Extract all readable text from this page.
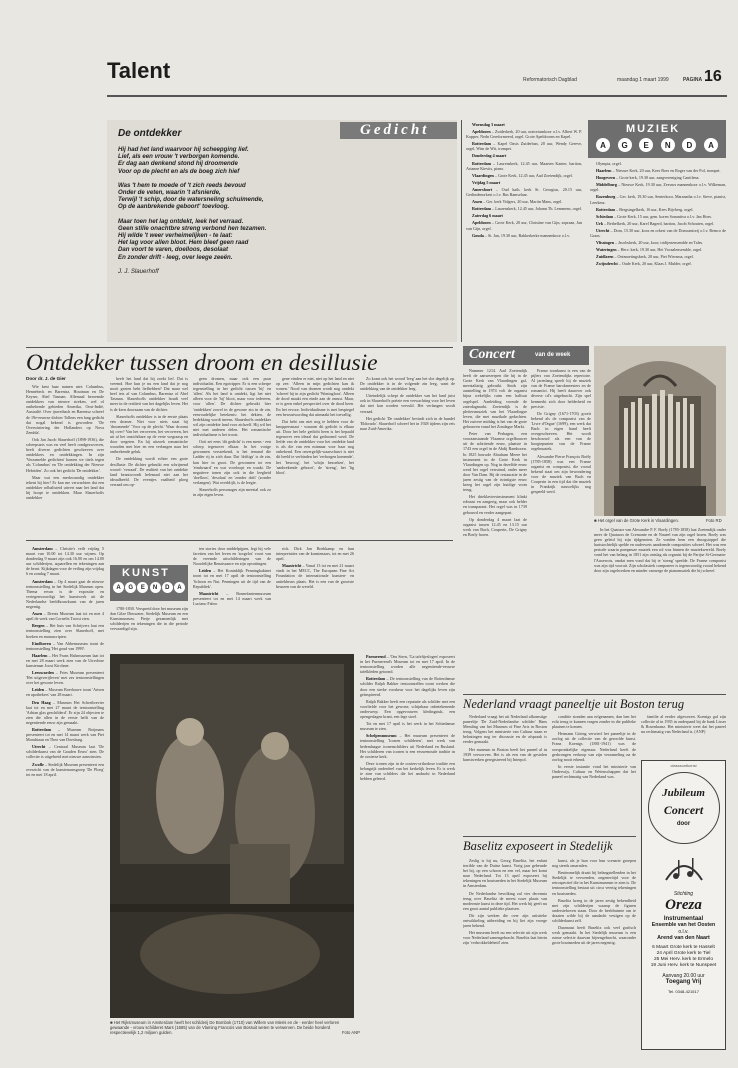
Talent	Reformatorisch Dagblad	maandag 1 maart 1999	PAGINA 16
Gedicht
De ontdekker
Hij had het land waarvoor hij scheepging lief.
Lief, als een vrouw 't verborgen komende.
Er dag aan denkend stond hij droomende
Voor op de plecht en als de boeg zich hief
Was 't hem te moede of 't zich reeds bevoud
Onder de veten, waarin 't afsnierde,
Terwijl 't schip, door de watersneling schuimende,
Op de aanbrekende geboort' toevloog.
Maar toen het lag ontdekt, leek het verraad.
Geen stille onachtbre streng verbond hen tezamen.
Hij wilde 't weer verheimelijken - te laat:
Het lag voor allen bloot. Hem bleef geen raad
Dan voort te varen, doelloos, desolaat
En zonder drift - leeg, over leege zeeën.
J. J. Slauerhoff
MUZIEK
A	G	E	N	D	A

Woensdag 3 maart

Apeldoorn – Zuiderkerk, 20 uur, oratoriumkoor o.l.v. Albert W. P. Kopper, Nedn Gereformeerd, orgel. Grote Apeldoorns en Kapel.

Rotterdam – Kapel Oasis Zuiderban, 20 uur, Wendy Greeve, orgel, Wim de Wit, trompet.

Donderdag 4 maart

Rotterdam – Laurenskerk, 12.45 uur, Maarten Kanter, bariton, Arianne Kievits, piano.

Vlaardingen – Grote Kerk, 12.45 uur, Aad Zoetendijk, orgel.

Vrijdag 5 maart

Amersfoort – Oud kath. kerk St. Georgius, 20.15 uur, Gerlindenorkest o.l.v. Bas Ramselaar.

Assen – Ger. kerk Vidgers, 20 uur, Martin Mans, orgel.

Rotterdam – Laurenskerk, 12.45 uur, Johann Th. Lemmens, orgel.

Zaterdag 6 maart

Apeldoorn – Grote Kerk, 20 uur, Christine van Gijn, sopraan, Jan van Gijn, orgel.

Gouda – St. Jan, 19.30 uur, Bakkerkerke mannenkoor o.l.v.

Olympia, orgel.

Haarlem – Nieuwe Kerk, 20 uur, Kees Boer en Roger van der Pol, trompet.

Hoogeveen – Grote kerk, 19.30 uur, zangvereniging Cantilena.

Middelburg – Nieuwe Kerk, 19.30 uur, Zeeuws mannenkoor o.l.v. Wilkeman, orgel.

Rozenburg – Ger. kerk, 19.30 uur, Senterkoor, Maranatha o.l.v. Steve, pianist, Leerkeur.

Rotterdam – Bergsingelkerk, 16 uur, Kees Bijvberg, orgel.

Schiedam – Grote Kerk, 15 uur, gem. koren Sonantiva o.l.v. Jan Hoes.

Urk – Bethelkerk, 20 uur, Karel Bagerd, bariton, Jacob Schouten, orgel.

Utrecht – Dom, 15.30 uur, koos en orkest van de Domcantorij o.l.v. Remco de Graas.

Vlissingen – Jacobskerk, 20 uur, koor; tridijenensemble en Tales.

Wateringen – Herv. kerk, 19.30 uur, Het Vocaalensemble, orgel.

Zuidlaren – Ontmoetingskerk, 20 uur, Piet Wiersma, orgel.

Zwijndrecht – Oude Kerk, 20 uur, Klaas J. Mulder, orgel.

Ontdekker tussen droom en desillusie	Concert	van de week
■ Het orgel van de Grote Kerk in Vlaardingen.	Foto RD
Door dr. J. de Gier

Wie kent haar namen niet: Columbus, Hennebeck en Barentsz, Houtman en De Keyser, Abel Tasman. Allemaal beroemde ontdekkers van nieuwe streken, wel of ontbekende gebieden Amerika, Oost-Indië, Australië. Over ijseretbach en Barentsz schreef de 19e-eeuwse dichter Tollens een lang gedicht dat nogal bekend is geworden: 'De Overwintering der Hollanders op Nova Zembla'.

Ook Jan Jacob Slauerhoff (1898-1936), die scheepsarts was en veel heeft rondgezworven, heeft diverse gedichten geschreven over ontdekkers en ontdekkingen. In zijn 'Verzamelde gedichten' komen we titels tegen als 'Columbus' en 'De ontdekking der Nieuwe Hebriden'. Zo ook het gedicht 'De ontdekker'.

Maar wat een merkwaardig ontdekker tekent hij hier! Er kan me verwachten dat een ontdekker rolbalisteid uitvert naar het land dat hij hoopt te ontdekken. Maar Slauerhoffs ontdekker

heeft het land dat hij zoekt lief. Dat is vreemd. Hoe kun je nu een land dat je nog nooit gezien hebt liefhebben? Dat maar wel heel iets af van Columbus, Barentsz of Abel Tasman. Slauerhoffs ontdekker houdt veel meer in de realiteit van het dagelijks leven. Het is de kern doorzaam van de dichter.

Slauerhoffs ontdekker is in de eerste plaats een dromer. Niet voor niets staat hij 'droomende' 'Voor op de plecht.' Waar droomt hij over? Van het veroveren, het veroveren, het uit af het onzichtbare op de verte wegraasp en door wegeten. En hij uitzoek romantische woorden met hier en een verlangen naar het ontbrekende geluk.

De ontdekking wordt echter een grote desillusie. De dichter gebruikt een schrijnend woord: 'verraad'. De realiteit van het ontdekte land beantwoordt helemaal niet aan het ideaalbeeld. De eventjes vaalheid ploeg verraad om op-

geen dromen, maar ook een puur individualist. Een egotripper. Er is een scherpe tegenstelling in het gedicht tussen 'hij' en 'allen'. Als het land is ontdekt, ligt het niet alleen voor de 'hij' bloot, maar voor iedereen, voor 'allen'. De dichter gebruikt hier 'ontdekken' zowel in de gewone zin in de zin, eenvoudelijke betekenis: het dekten, de bedekking wordt ineens. Slauerhoffs ontdekker wil zijn ontdekte land voor zichzelf. Hij wil het niet met anderen delen. Het romantische individualisme is het troost.

Ooit zei eens 'dit gedicht' is een mens - een scherp tegenover elkaar. In het vorige gewonnen verstrekend, is het iemand die Ladder rij in zich daar. Dat 'driftigs' is de zin, kan hier in groot. De gewonnen tot een 'eindwaard' en wat voorloopt en waakt. De negatieve tonen zijn ook in die leegheid 'doelloos', 'desolaat' en 'zonder drift' (zonder verlangen). Wat overblijft, is de leegte.

Slauerhoffs personages zijn meestal ook zo in zijn eigen leven.

gene vinden er niet, niet op het land en niet op zee. 'Alleen in mijn gedichten kan ik wonen.' Nood van dromen wordt nog ontdekt 'schreef hij in zijn gedicht 'Woningloos'. Alleen de dood maakt een einde aan de onrust. Maar, er is geen enkel perspectief over de dood heen. En het ervoor. Individualisme is met bespiegel een bewustwording dat uitmaakt het toevallig.

Dat hebt ons niet nog te hebben voor de knoppersmaat - waarom dit gedicht is elkaar uit. Door het hele gedicht heen is het bepaald tegenover een ideaal dat gedroomd werd. De liefde van de ontdekker voor het ontdekte land is als die van een minnaar voor haar nog onbekend. Een onvergelijk-waarschuwt is niet dit beeld te verbinden het 'verborgen komende', het 'bewoog', het 'schijn bezoeken', het 'aanbrekende geboort', de 'streng', het 'lig bloot'.

Zo komt ook het woord 'leeg' aan het slot degelijk op. De ontdekker is in de volgende zin leeg, want de ontdekking van de ontdekker leeg.

Uiteindelijk schept de ontdekker van het land juist ook in Slauerhoffs poëzie een verwachting voor het leven dat niet kan worden vervuld. Het verlangen wordt verraad.

Het gedicht 'De ontdekker' bevindt zich in de bundel 'Eldorado'. Slauerhoff schreef het in 1928 tijdens zijn reis naar Zuid-Amerika.

Nummer 1214. Aad Zoetendijk heeft de aanwezerpen die hij in de Grote Kerk van Vlaardingen gaf, meestaltatig gebruikt. Sinds zijn aanstelling in 1974 volt de organist bijna wekelijks ruim een halfuur orgelspel. Aanleiding vormde de zaterdagmarkt. Zoetendijk is de pleitersmuziek van het Vlaardingse leven, die met muzikale gedachten. Het zuivere middag is het van de grote gebouwen vanaf het Zondagse Markt.

Peter van Perhagen, een vooraanstaande Vlaamse orgelbouwer uit de achttiende eeuw, plaatste in 1743 een orgel in de Abdij Barnhoorn. In 1825 bouwde Abraham Meere het instrument in de Grote Kerk in Vlaardingen op. Nog in dezelfde eeuw werd het orgel verruimd, onder meer door Van Dam. Bij de restauratie in de jaren zestig van de twintigste eeuw kreeg het orgel zijn huidige vorm terug.

Het drieklaviersinstrument klinkt robuust en zangerig, maar ook helder en transparant. Het orgel was in 1739 gebouwd en verder aangepast.

Op donderdag 4 maart laat de organist tussen 12.45 en 13.15 uur werk van Bach, Couperin, De Grigny en Boely horen.

Franse toonkunst is een van de pijlers van Zoetendijks repertoire. Al jarenlang speelt hij de muziek van de Franse barokmeesters en de romantici. Hij heeft daarover ook diverse cd's uitgebracht. Zijn spel kenmerkt zich door helderheid en precisie.

De Grigny (1671-1703) groeit bekend als de componist van de 'Livre d'Orgue' (1699), een werk dat Bach in eigen hand heeft overgeschreven. Het wordt beschouwd als een van de hoogtepunten van de Franse orgelmuziek.

Alexandre Pierre François Boëly (1785-1858) was een Franse organist en componist, die vooral bekend staat om zijn bewondering voor de muziek van Bach en Couperin in een tijd dat die muziek in Frankrijk nauwelijks nog gespeeld werd.

In het Quatuor van Alexandre P. F. Boely (1785-1858) laat Zoetendijk onder meer de Quatuors de Cremonte en de Naueel van zijn orgel horen. Boely was geen geleid bij zijn tijdgenoten. Ze vonden hem een droogstoppel die hartstochtelijk spelde en ouderwets aandoende composities schreef. Het was een periode waarin pompeuze muziek een rol was binnen de muziekwereld. Boely vond het van belang in 1851 zijn ontslag als organist bij de Parijse St-Germain-l'Auxerrois, omdat men vond dat hij te 'streng' speelde. De Franse componist was zijn tijd vooruit. Zijn scholastiek componeer is tegenwoordig vooral bekend door zijn orgelwerken en minder vanwege de pianomuziek die hij schreef.

KUNST
A	G	E	N	D	A

Amsterdam – Christie's veilt vrijdag 5 maart van 10.00 tot 14.30 uur wijnen. Op donderdag 9 maart zijn ook 16.00 en om 14.00 uur schilderijen, aquarellen en tekeningen aan de beurt. Kijkdagen voor de veiling zijn vrijdag 6 en zondag 7 maart.

Amsterdam – Op 4 maart gaat de nieuwe tentoonstelling in het Stedelijk Museum open. Thema ervan is de expositie en vertegenwoordigt het kunstwerk uit de Nederlandse beeldhouwkunst van de jaren negentig.

Assen – Drents Museum laat tot en met 4 april de werk van Cornelis Troost zien.

Bergen – Het huis van Schrijvers laat een tentoonstelling zien over Slauerhoff, met boeken en manuscripten.

Eindhoven – Van Abbemuseum toont de tentoonstelling 'Het goud van 1999'.

Haarlem – Het Frans Halsmuseum laat tot en met 28 maart werk zien van de Utrechtse kunstenaar Joost Kirchner.

Leeuwarden – Fries Museum presenteert 'Het uitgeverijleven' met zes tentoonstellingen over het gewone leven.

Leiden – Museum Boerhaave toont 'Artsen en apothekers' van 28 maart.

Den Haag – Museum Het Schreibrevier laat tot en met 27 maart de tentoonstelling 'Adrian glas geschilderd'. Er zijn 24 objecten te zien die allen in de eerste helft van de negentiende eeuw zijn gemaakt.

Rotterdam – Museum Boijmans presenteert tot en met 14 maart werk van Piet Mondriaan en Theo van Doesburg.

Utrecht – Centraal Museum laat 'De schilderkunst van de Gouden Eeuw' zien. De collectie is uitgebreid met nieuwe aanwinsten.

Zwolle – Stedelijk Museum presenteert een overzicht van de kunstenaarsgroep 'De Ploeg' tot en met 18 april.

1780-1830. Verspreid door het museum zijn dan Gilze Dimwater, Stedelijk Museum en een Kunstmuseum. Pietje gezamenlijk met schilderijen en tekeningen die in die periode vervaardigd zijn.

ten stories door middelpijpen, legt hij vele facetten van het leven en 'zorgelos' voort van de vreemde uitschilderingen van de Noordelijke Renaissance en zijn opvattingen.

Leiden – Het Koninklijk Penningkabinet toont tot en met 17 april de tentoonstelling 'Schoon en Nut. Penningen uit de tijd van de Republiek'.

Maastricht – Bonnefantenmuseum presenteert tot en met 14 maart werk van Luciano Fabro.

rick. Dirk Jan Boekkamp en hun interpretaties van de kunstenaars, tot en met 26 april.

Maastricht – Vanaf 13 tot en met 21 maart vindt in het MECC, The European Fine Art Foundation de internationale kunsten- en antiekbeurs plaats. Het is een van de grootste beurzen van de wereld.

■ Het Rijksmuseum in Amsterdam heeft het schilderij De Bombok (1710) van Willem van Mieris en de - eerder heel verloren gewaande - vrouw schilderet Mars (1685) van de Vlaming Francois van Bossuit weten te verwerven. De beide honderd respectievelijk 1,2 miljoen gulden.	Foto ANP

Parmerend – 'Ons Stern, 'Ga tafeltjeslogen' exposeert in het Purmerend's Museum tot en met 17 april. In de tentoonstelling worden alle negentiende-eeuwse tafelkleden getoond.

Rotterdam – De tentoonstelling van de Rotterdamse schilder Ralph Bakker tentoonstellen toont werken die door een sterke voorkeur voor het dagelijks leven zijn geïnspireerd.

Ralph Bakker heeft een reputatie als schilder met een voorliefde voor het gewone, schijnbaar onbetekenende onderwerp. Een opgevouwen kledingstuk, een opengeslagen krant, een lege stoel.

Tot en met 17 april is het werk in het Schiedamse museum te zien.

Schelpenmuseum – Het museum presenteert de tentoonstelling 'Iconen schilderen', met werk van hedendaagse iconenschilders uit Nederland en Rusland. Het schilderen van iconen is een eeuwenoude traditie in de oosterse kerk.

Deze iconen zijn in de oosters-orthodoxe traditie een belangrijk onderdeel van het kerkelijk leven. Er is werk te zien van schilders die het ambacht in Nederland hebben geleerd.

Nederland vraagt paneeltje uit Boston terug

Nederland vraagt het uit Nederland afkomstige paneeltje 'De Zuid-Nederlandse schilder' Hans Memling van het Museum of Fine Arts in Boston terug. Volgens het ministerie van Cultuur staan er belastingen nog ter discussie en de afspraak is eerder gemaakt.

Het museum in Boston heeft het paneel al in 1939 verworven. Het is als een van de gestolen kunstwerken geregistreerd bij Interpol.

conditie stonden aan erfgenamen, dan ben het echt terug te kunnen vragen zonder in die publieke plaatsen te komen.

Hermann Göring verwierf het paneeltje in de oorlog uit de collectie van de geroofde kunst. Franz Koenigs (1881-1941) was de oorspronkelijke eigenaar. Nederland heeft de gedwongen verkoop van zijn verzameling na de oorlog nooit erkend.

In eerste instantie vond het ministerie van Onderwijs, Cultuur en Wetenschappen dat het paneel rechtmatig van Nederland was.

familie al eerder afgewezen. Koenigs gaf zijn collectie al in 1935 in onderpand bij de bank Lisser & Rosenkranz. Het ministerie weet dat het paneel nu rechtmatig van Nederland is. (ANP)

classsontkonsi
Jubileum
Concert
door
Stichting
Oreza
Instrumentaal
Ensemble van het Oosten
o.l.v.
Arend van den Naart
6 Maart Grote kerk te Hasselt
24 April Grote kerk te Tiel
25 Mei Herv. kerk te Ermelo
19 Juni Herv. kerk te Nunspeet
Aanvang 20.00 uur
Toegang Vrij
Tel. 0348-421517
Baselitz exposeert in Stedelijk

Zeslig is hij nu, Georg Baselitz, het enfant terrible van de Duitse kunst. Vorig jaar gebeurde het bij, op een schoon en een vel, maar het komt naar Nederland. Tot 13 april exposeert hij tekeningen en houtsneden in het Stedelijk Museum in Amsterdam.

De Nederlandse bevolking zal vier decennia terug over Baselitz de meest ruwe plaats van modernste kunst in deze tijd. Het werk bij geeft nu een groot aantal publieke plaatsen.

Dit zijn werken die over zijn artistieke ontwikkeling uitbreiding en hij liet zijn vroege jaren bekend.

Het museum heeft nu een selectie uit zijn werk voor Nederland samengebracht. Baselitz laat hierin zijn 'verbrokkeldeheid' zien.

kunst, als je hun voor hun scenarie groepen nog steeds omarmlen.

Bestimmelijk draait hij belangstellenden in het Stedelijk te verwenden, ongeneritijd voor de retrospectief die in het Kunstmuseum te zien is. De tentoonstelling bestaat uit circa veertig tekeningen en houtsneden.

Baselitz kreeg in de jaren zestig bekendheid met zijn schilderijen waarop de figuren ondersteboven staan. Door de beeldruimte om te draaien wilde hij de aandacht vestigen op de schilderkunst zelf.

Daarnaast heeft Baselitz ook veel grafisch werk gemaakt. In het Stedelijk museum is een ruime selectie daarvan bijeengebracht, waaronder grote houtsneden uit de jaren negentig.
